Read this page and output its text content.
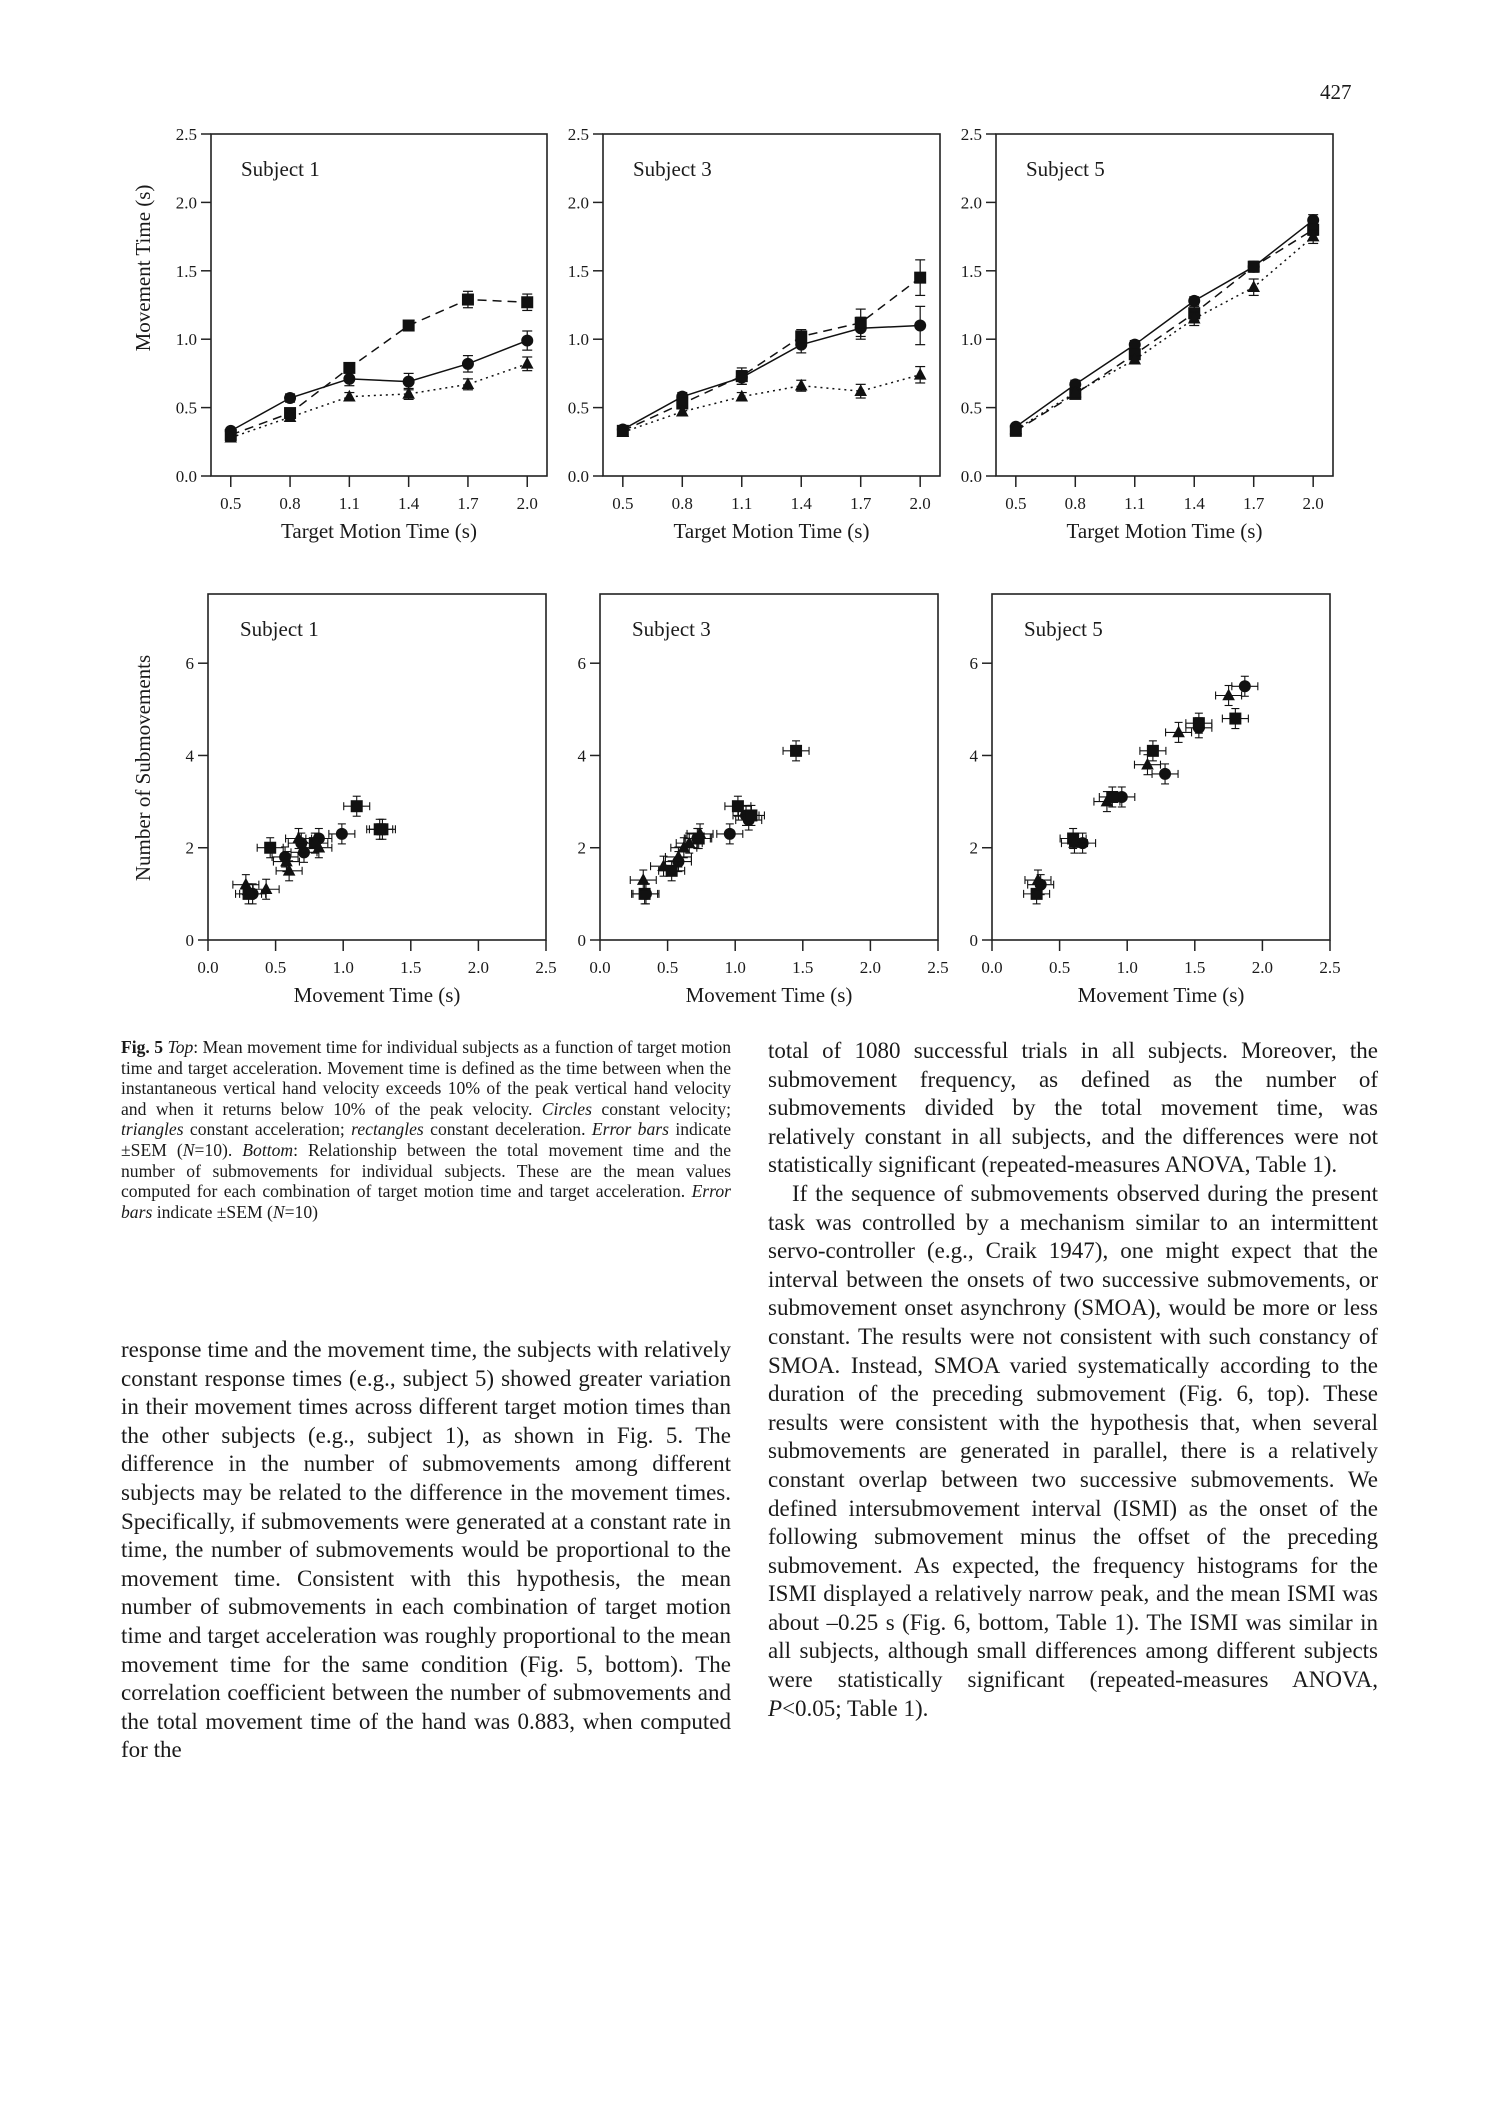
427
0.0
0.5
1.0
1.5
2.0
2.5
0.5 0.8 1.1 1.4 1.7 2.0
Target Motion Time (s)
Subject 1
0.0
0.5
1.0
1.5
2.0
2.5
0.5 0.8 1.1 1.4 1.7 2.0
Target Motion Time (s)
Subject 3
0.0
0.5
1.0
1.5
2.0
2.5
0.5 0.8 1.1 1.4 1.7 2.0
Target Motion Time (s)
Subject 5
0
2
4
6
0.0	0.5	1.0	1.5	2.0	2.5
Movement Time (s)
Subject 1
0
2
4
6
0.0	0.5	1.0	1.5	2.0	2.5
Movement Time (s)
Subject 3
0
2
4
6
0.0	0.5	1.0	1.5	2.0	2.5
Movement Time (s)
Subject 5
Movement Time (s)
Number of Submovements
Fig. 5 Top: Mean movement time for individual subjects as a function of target motion time and target acceleration. Movement time is defined as the time between when the instantaneous vertical hand velocity exceeds 10% of the peak vertical hand velocity and when it returns below 10% of the peak velocity. Circles constant velocity; triangles constant acceleration; rectangles constant deceleration. Error bars indicate ±SEM (N=10). Bottom: Relationship between the total movement time and the number of submovements for individual subjects. These are the mean values computed for each combination of target motion time and target acceleration. Error bars indicate ±SEM (N=10)

response time and the movement time, the subjects with relatively constant response times (e.g., subject 5) showed greater variation in their movement times across different target motion times than the other subjects (e.g., subject 1), as shown in Fig. 5. The difference in the number of submovements among different subjects may be related to the difference in the movement times. Specifically, if submovements were generated at a constant rate in time, the number of submovements would be proportional to the movement time. Consistent with this hypothesis, the mean number of submovements in each combination of target motion time and target acceleration was roughly proportional to the mean movement time for the same condition (Fig. 5, bottom). The correlation coefficient between the number of submovements and the total movement time of the hand was 0.883, when computed for the

total of 1080 successful trials in all subjects. Moreover, the submovement frequency, as defined as the number of submovements divided by the total movement time, was relatively constant in all subjects, and the differences were not statistically significant (repeated-measures ANOVA, Table 1).

If the sequence of submovements observed during the present task was controlled by a mechanism similar to an intermittent servo-controller (e.g., Craik 1947), one might expect that the interval between the onsets of two successive submovements, or submovement onset asynchrony (SMOA), would be more or less constant. The results were not consistent with such constancy of SMOA. Instead, SMOA varied systematically according to the duration of the preceding submovement (Fig. 6, top). These results were consistent with the hypothesis that, when several submovements are generated in parallel, there is a relatively constant overlap between two successive submovements. We defined intersubmovement interval (ISMI) as the onset of the following submovement minus the offset of the preceding submovement. As expected, the frequency histograms for the ISMI displayed a relatively narrow peak, and the mean ISMI was about –0.25 s (Fig. 6, bottom, Table 1). The ISMI was similar in all subjects, although small differences among different subjects were statistically significant (repeated-measures ANOVA, P<0.05; Table 1).
